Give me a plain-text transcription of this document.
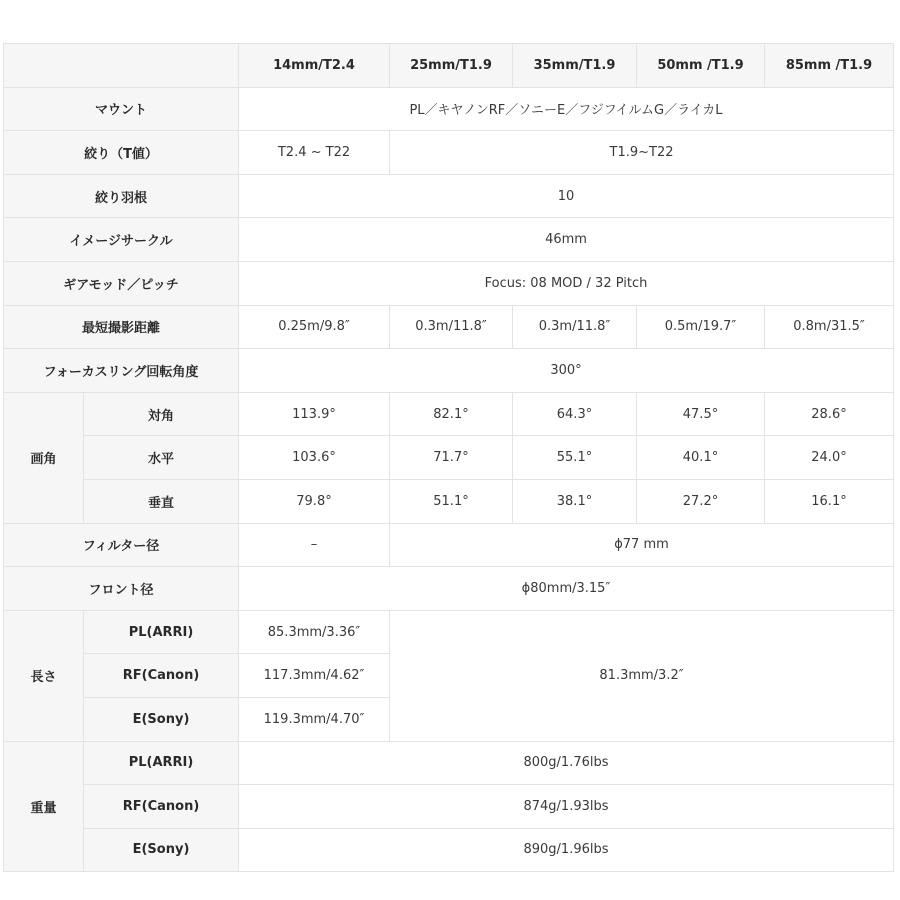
		14mm/T2.4	25mm/T1.9	35mm/T1.9	50mm /T1.9	85mm /T1.9
マウント		PL／キヤノンRF／ソニーE／フジフイルムG／ライカL				
絞り（T値）		T2.4 ~ T22	T1.9~T22			
絞り羽根		10				
イメージサークル		46mm				
ギアモッド／ピッチ		Focus: 08 MOD / 32 Pitch				
最短撮影距離		0.25m/9.8″	0.3m/11.8″	0.3m/11.8″	0.5m/19.7″	0.8m/31.5″
フォーカスリング回転角度		300°				
画角	対角	113.9°	82.1°	64.3°	47.5°	28.6°
	水平	103.6°	71.7°	55.1°	40.1°	24.0°
	垂直	79.8°	51.1°	38.1°	27.2°	16.1°
フィルター径		–	ϕ77 mm			
フロント径		ϕ80mm/3.15″				
長さ	PL(ARRI)	85.3mm/3.36″	81.3mm/3.2″			
	RF(Canon)	117.3mm/4.62″				
	E(Sony)	119.3mm/4.70″				
重量	PL(ARRI)	800g/1.76lbs				
	RF(Canon)	874g/1.93lbs				
	E(Sony)	890g/1.96lbs				
